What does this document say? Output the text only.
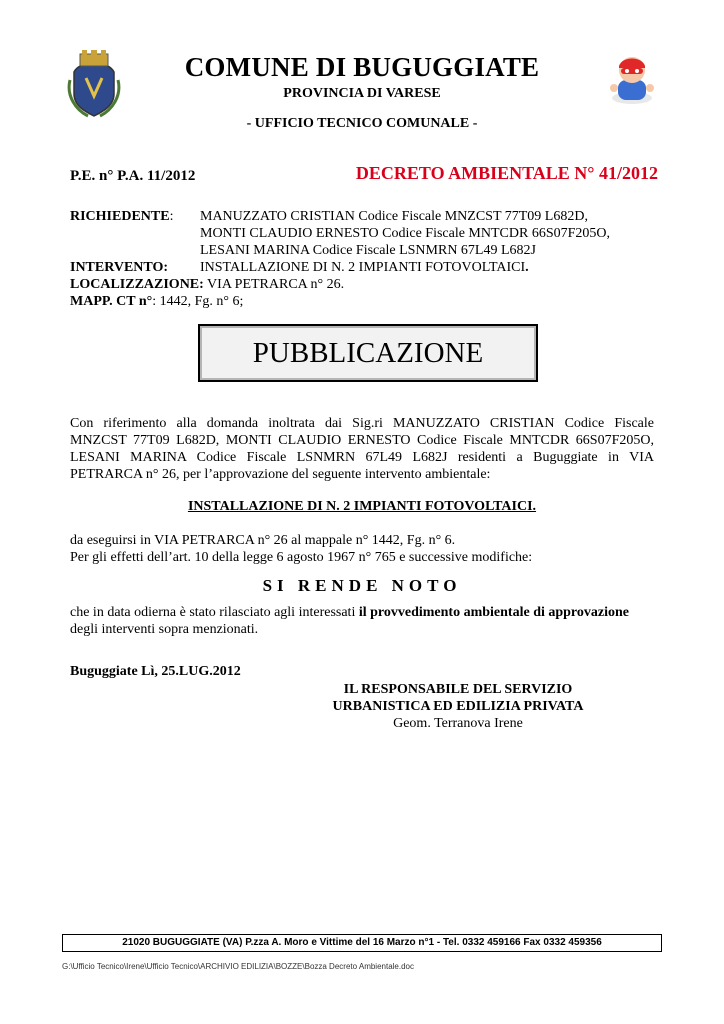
COMUNE DI BUGUGGIATE
PROVINCIA DI VARESE
- UFFICIO TECNICO COMUNALE -
P.E. n° P.A. 11/2012	DECRETO AMBIENTALE N° 41/2012
RICHIEDENTE: MANUZZATO CRISTIAN Codice Fiscale MNZCST 77T09 L682D,
MONTI CLAUDIO ERNESTO Codice Fiscale MNTCDR 66S07F205O,
LESANI MARINA Codice Fiscale LSNMRN 67L49 L682J
INTERVENTO: INSTALLAZIONE DI N. 2 IMPIANTI FOTOVOLTAICI.
LOCALIZZAZIONE: VIA PETRARCA n° 26.
MAPP. CT n°: 1442, Fg. n° 6;
PUBBLICAZIONE
Con riferimento alla domanda inoltrata dai Sig.ri MANUZZATO CRISTIAN Codice Fiscale
MNZCST 77T09 L682D, MONTI CLAUDIO ERNESTO Codice Fiscale MNTCDR 66S07F205O,
LESANI MARINA Codice Fiscale LSNMRN 67L49 L682J residenti a Buguggiate in VIA
PETRARCA n° 26, per l’approvazione del seguente intervento ambientale:
INSTALLAZIONE DI N. 2 IMPIANTI FOTOVOLTAICI.
da eseguirsi in VIA PETRARCA n° 26 al mappale n° 1442, Fg. n° 6.
Per gli effetti dell’art. 10 della legge 6 agosto 1967 n° 765 e successive modifiche:
SI RENDE NOTO
che in data odierna è stato rilasciato agli interessati il provvedimento ambientale di approvazione
degli interventi sopra menzionati.
Buguggiate Lì, 25.LUG.2012
IL RESPONSABILE DEL SERVIZIO
URBANISTICA ED EDILIZIA PRIVATA
Geom. Terranova Irene
21020 BUGUGGIATE (VA) P.zza A. Moro e Vittime del 16 Marzo n°1 - Tel. 0332 459166 Fax 0332 459356
G:\Ufficio Tecnico\Irene\Ufficio Tecnico\ARCHIVIO EDILIZIA\BOZZE\Bozza Decreto Ambientale.doc
